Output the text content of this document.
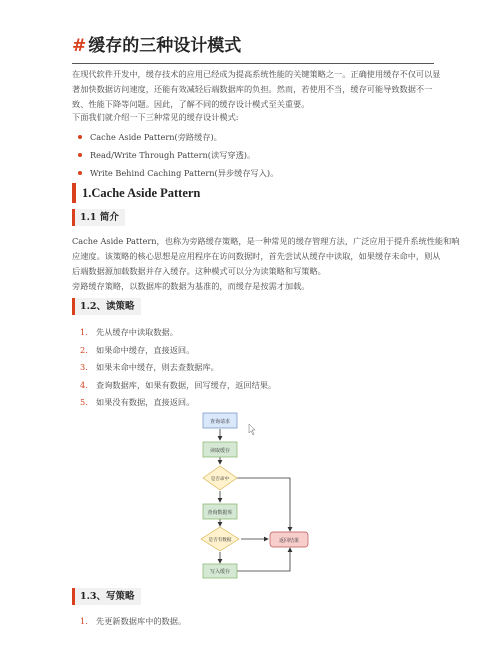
# 缓存的三种设计模式

在现代软件开发中，缓存技术的应用已经成为提高系统性能的关键策略之一。正确使用缓存不仅可以显

著加快数据访问速度，还能有效减轻后端数据库的负担。然而，若使用不当，缓存可能导致数据不一

致、性能下降等问题。因此，了解不同的缓存设计模式至关重要。

下面我们就介绍一下三种常见的缓存设计模式:

Cache Aside Pattern(旁路缓存)。
Read/Write Through Pattern(读写穿透)。
Write Behind Caching Pattern(异步缓存写入)。
1.Cache Aside Pattern
1.1 简介

Cache Aside Pattern，也称为旁路缓存策略，是一种常见的缓存管理方法，广泛应用于提升系统性能和响

应速度。该策略的核心思想是应用程序在访问数据时，首先尝试从缓存中读取，如果缓存未命中，则从

后端数据源加载数据并存入缓存。这种模式可以分为读策略和写策略。

旁路缓存策略，以数据库的数据为基准的，而缓存是按需才加载。

1.2、读策略
1. 先从缓存中读取数据。
2. 如果命中缓存，直接返回。
3. 如果未命中缓存，则去查数据库。
4. 查询数据库，如果有数据，回写缓存，返回结果。
5. 如果没有数据，直接返回。
查询请求
读取缓存
是否命中
查询数据库
是否有数据
写入缓存
返回结果
1.3、写策略
1. 先更新数据库中的数据。
